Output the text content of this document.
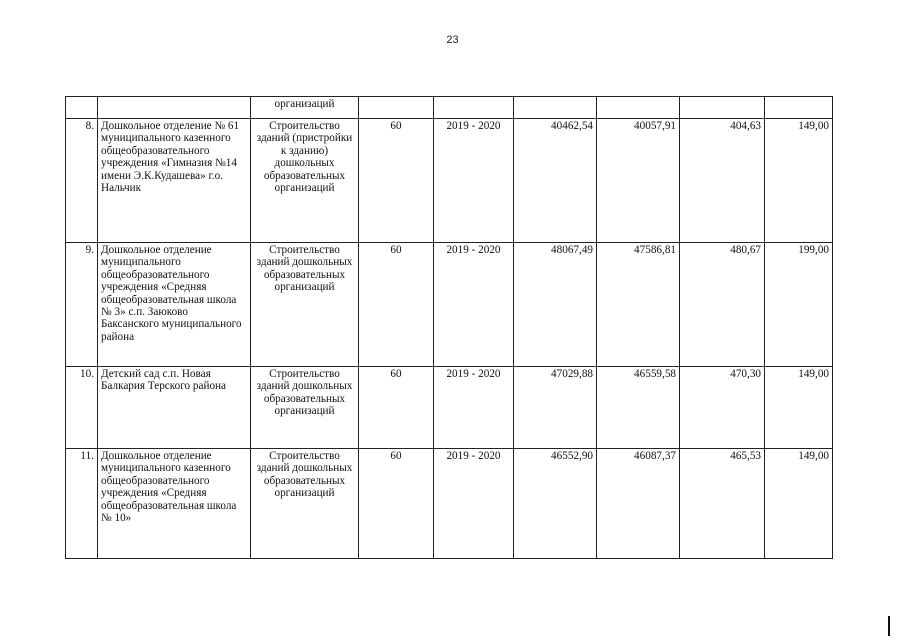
23
		организаций						
8.	Дошкольное отделение № 61 муниципального казенного общеобразовательного учреждения «Гимназия №14 имени Э.К.Кудашева» г.о. Нальчик	Строительство зданий (пристройки к зданию) дошкольных образовательных организаций	60	2019 - 2020	40462,54	40057,91	404,63	149,00
9.	Дошкольное отделение муниципального общеобразовательного учреждения «Средняя общеобразовательная школа № 3» с.п. Заюково Баксанского муниципального района	Строительство зданий дошкольных образовательных организаций	60	2019 - 2020	48067,49	47586,81	480,67	199,00
10.	Детский сад с.п. Новая Балкария Терского района	Строительство зданий дошкольных образовательных организаций	60	2019 - 2020	47029,88	46559,58	470,30	149,00
11.	Дошкольное отделение муниципального казенного общеобразовательного учреждения «Средняя общеобразовательная школа № 10»	Строительство зданий дошкольных образовательных организаций	60	2019 - 2020	46552,90	46087,37	465,53	149,00
